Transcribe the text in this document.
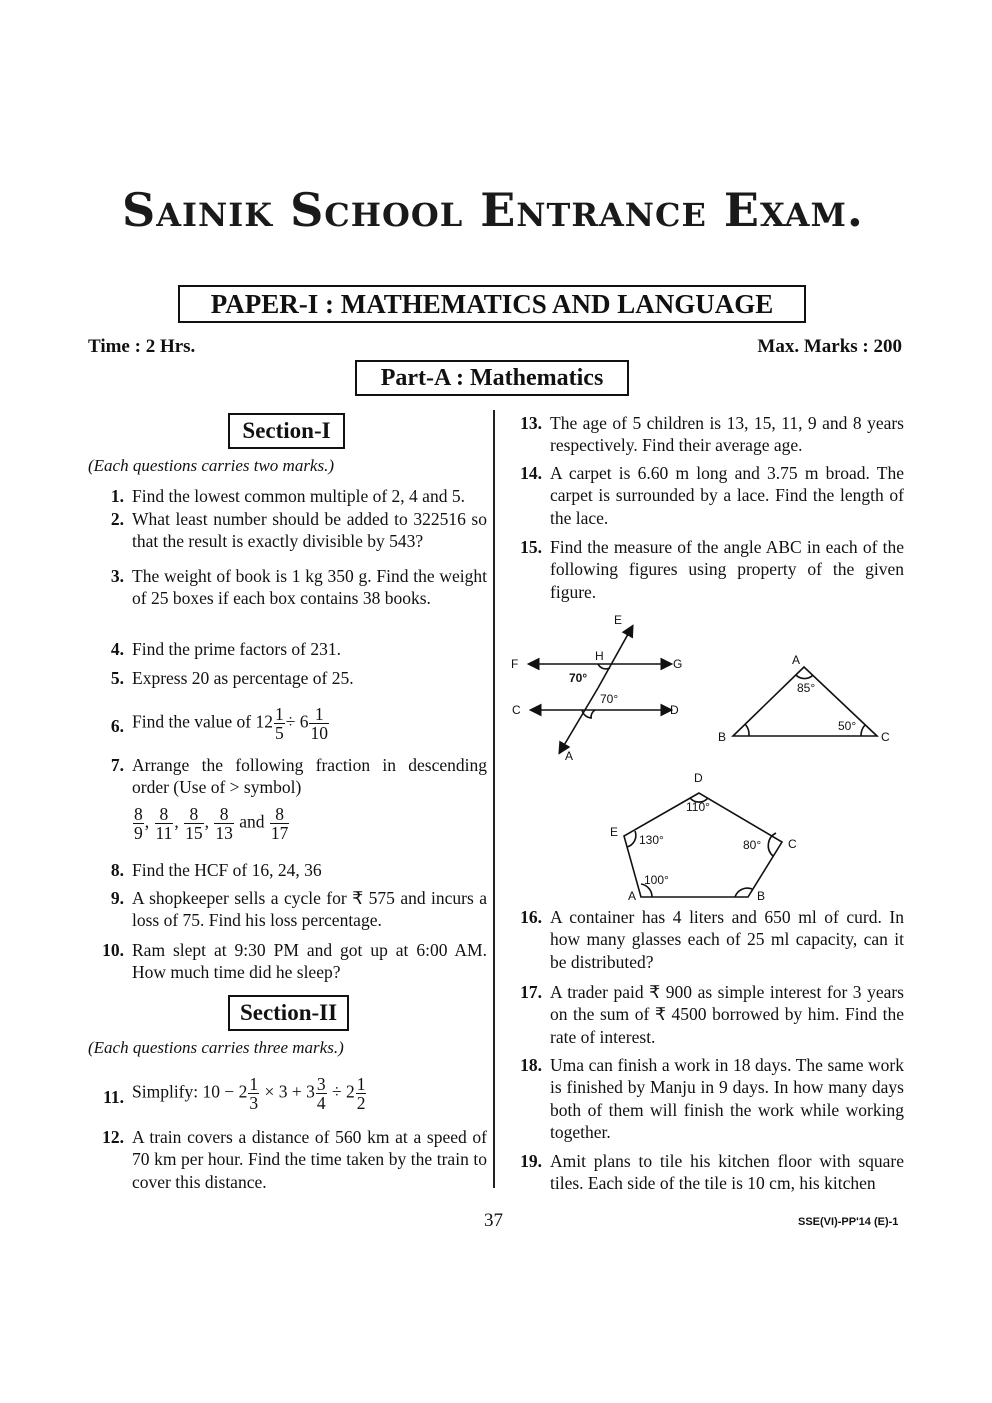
Sainik School Entrance Exam.
PAPER-I : MATHEMATICS AND LANGUAGE
Time : 2 Hrs.	Max. Marks : 200
Part-A : Mathematics
Section-I
(Each questions carries two marks.)
1. Find the lowest common multiple of 2, 4 and 5.
2. What least number should be added to 322516 so that the result is exactly divisible by 543?
3. The weight of book is 1 kg 350 g. Find the weight of 25 boxes if each box contains 38 books.
4. Find the prime factors of 231.
5. Express 20 as percentage of 25.
6. Find the value of $12 \frac{1}{5} \div 6 \frac{1}{10}$
7. Arrange the following fraction in descending order (Use of > symbol)
$\frac{8}{9}$ , $\frac{8}{11}$ , $\frac{8}{15}$ , $\frac{8}{13}$ and $\frac{8}{17}$
8. Find the HCF of 16, 24, 36
9. A shopkeeper sells a cycle for ₹ 575 and incurs a loss of 75. Find his loss percentage.
10. Ram slept at 9:30 PM and got up at 6:00 AM. How much time did he sleep?
Section-II
(Each questions carries three marks.)
11. Simplify: $10 - 2 \frac{1}{3} \times 3 + 3 \frac{3}{4} \div 2 \frac{1}{2}$
12. A train covers a distance of 560 km at a speed of 70 km per hour. Find the time taken by the train to cover this distance.
13. The age of 5 children is 13, 15, 11, 9 and 8 years respectively. Find their average age.
14. A carpet is 6.60 m long and 3.75 m broad. The carpet is surrounded by a lace. Find the length of the lace.
15. Find the measure of the angle ABC in each of the following figures using property of the given figure.
16. A container has 4 liters and 650 ml of curd. In how many glasses each of 25 ml capacity, can it be distributed?
17. A trader paid ₹ 900 as simple interest for 3 years on the sum of ₹ 4500 borrowed by him. Find the rate of interest.
18. Uma can finish a work in 18 days. The same work is finished by Manju in 9 days. In how many days both of them will finish the work while working together.
19. Amit plans to tile his kitchen floor with square tiles. Each side of the tile is 10 cm, his kitchen
F	G
H
C	D
E
A
70°
70°
A
85°
50°
B	C
D
110°
E
130°	80° C
100°
A	B
37	SSE(VI)-PP'14 (E)-1
